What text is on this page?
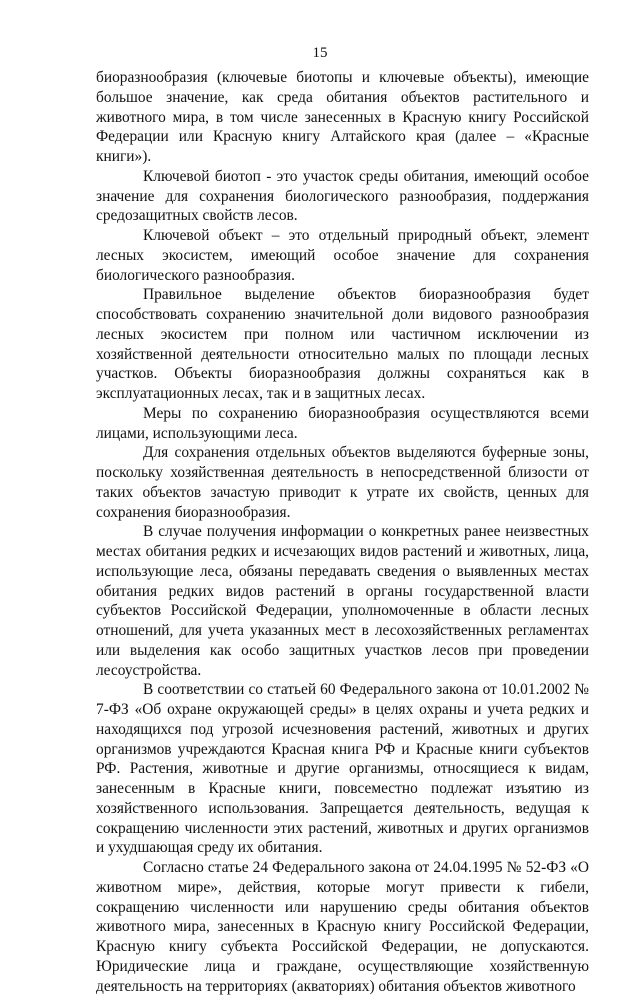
15

биоразнообразия (ключевые биотопы и ключевые объекты), имеющие большое значение, как среда обитания объектов растительного и животного мира, в том числе занесенных в Красную книгу Российской Федерации или Красную книгу Алтайского края (далее – «Красные книги»).

Ключевой биотоп - это участок среды обитания, имеющий особое значение для сохранения биологического разнообразия, поддержания средозащитных свойств лесов.

Ключевой объект – это отдельный природный объект, элемент лесных экосистем, имеющий особое значение для сохранения биологического разнообразия.

Правильное выделение объектов биоразнообразия будет способствовать сохранению значительной доли видового разнообразия лесных экосистем при полном или частичном исключении из хозяйственной деятельности относительно малых по площади лесных участков. Объекты биоразнообразия должны сохраняться как в эксплуатационных лесах, так и в защитных лесах.

Меры по сохранению биоразнообразия осуществляются всеми лицами, использующими леса.

Для сохранения отдельных объектов выделяются буферные зоны, поскольку хозяйственная деятельность в непосредственной близости от таких объектов зачастую приводит к утрате их свойств, ценных для сохранения биоразнообразия.

В случае получения информации о конкретных ранее неизвестных местах обитания редких и исчезающих видов растений и животных, лица, использующие леса, обязаны передавать сведения о выявленных местах обитания редких видов растений в органы государственной власти субъектов Российской Федерации, уполномоченные в области лесных отношений, для учета указанных мест в лесохозяйственных регламентах или выделения как особо защитных участков лесов при проведении лесоустройства.

В соответствии со статьей 60 Федерального закона от 10.01.2002 № 7-ФЗ «Об охране окружающей среды» в целях охраны и учета редких и находящихся под угрозой исчезновения растений, животных и других организмов учреждаются Красная книга РФ и Красные книги субъектов РФ. Растения, животные и другие организмы, относящиеся к видам, занесенным в Красные книги, повсеместно подлежат изъятию из хозяйственного использования. Запрещается деятельность, ведущая к сокращению численности этих растений, животных и других организмов и ухудшающая среду их обитания.

Согласно статье 24 Федерального закона от 24.04.1995 № 52-ФЗ «О животном мире», действия, которые могут привести к гибели, сокращению численности или нарушению среды обитания объектов животного мира, занесенных в Красную книгу Российской Федерации, Красную книгу субъекта Российской Федерации, не допускаются. Юридические лица и граждане, осуществляющие хозяйственную деятельность на территориях (акваториях) обитания объектов животного
